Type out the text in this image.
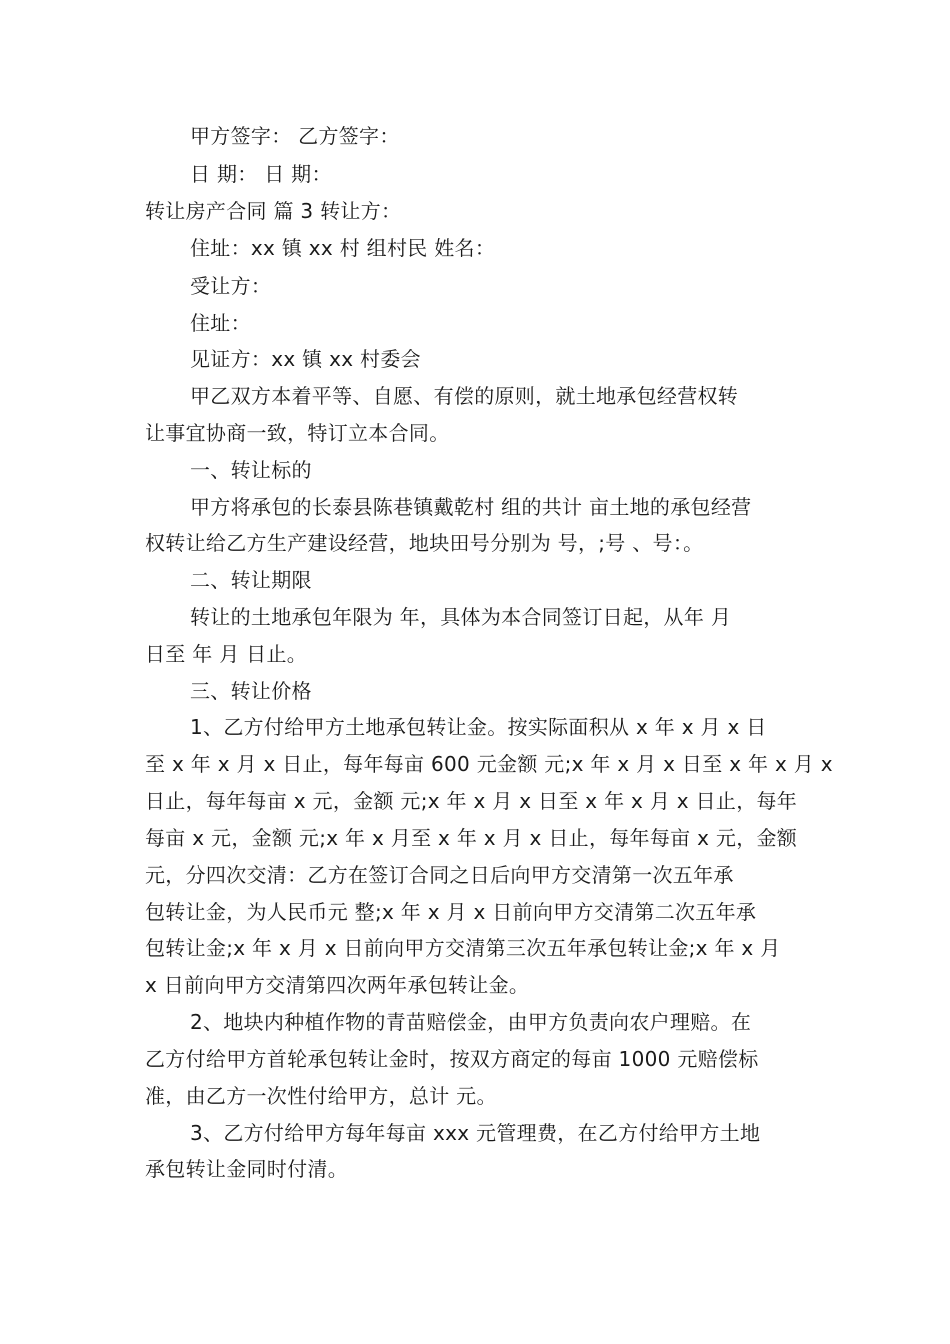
甲方签字： 乙方签字：
日 期： 日 期：
转让房产合同 篇 3 转让方：
住址：xx 镇 xx 村 组村民 姓名：
受让方：
住址：
见证方：xx 镇 xx 村委会
甲乙双方本着平等、自愿、有偿的原则，就土地承包经营权转
让事宜协商一致，特订立本合同。
一、转让标的
甲方将承包的长泰县陈巷镇戴乾村 组的共计 亩土地的承包经营
权转让给乙方生产建设经营，地块田号分别为 号，;号 、号：。
二、转让期限
转让的土地承包年限为 年，具体为本合同签订日起，从年 月
日至 年 月 日止。
三、转让价格
1、乙方付给甲方土地承包转让金。按实际面积从 x 年 x 月 x 日
至 x 年 x 月 x 日止，每年每亩 600 元金额 元;x 年 x 月 x 日至 x 年 x 月 x
日止，每年每亩 x 元，金额 元;x 年 x 月 x 日至 x 年 x 月 x 日止，每年
每亩 x 元，金额 元;x 年 x 月至 x 年 x 月 x 日止，每年每亩 x 元，金额
元，分四次交清：乙方在签订合同之日后向甲方交清第一次五年承
包转让金，为人民币元 整;x 年 x 月 x 日前向甲方交清第二次五年承
包转让金;x 年 x 月 x 日前向甲方交清第三次五年承包转让金;x 年 x 月
x 日前向甲方交清第四次两年承包转让金。
2、地块内种植作物的青苗赔偿金，由甲方负责向农户理赔。在
乙方付给甲方首轮承包转让金时，按双方商定的每亩 1000 元赔偿标
准，由乙方一次性付给甲方，总计 元。
3、乙方付给甲方每年每亩 xxx 元管理费，在乙方付给甲方土地
承包转让金同时付清。
